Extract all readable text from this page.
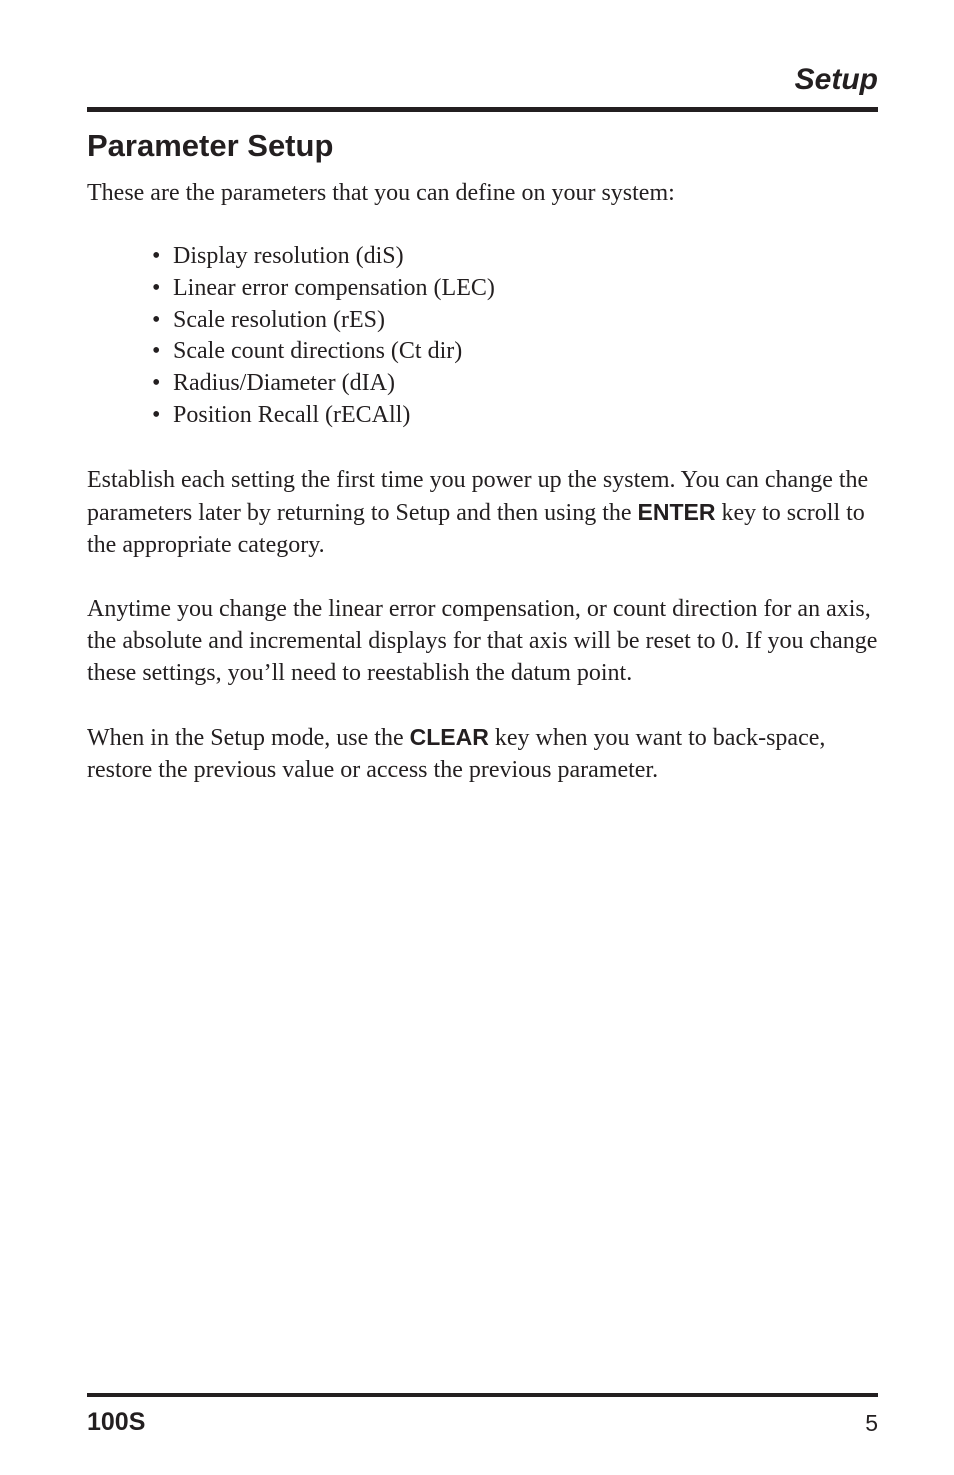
Setup
Parameter Setup

These are the parameters that you can define on your system:

• Display resolution (diS)
• Linear error compensation (LEC)
• Scale resolution (rES)
• Scale count directions (Ct dir)
• Radius/Diameter (dIA)
• Position Recall (rECAll)

Establish each setting the first time you power up the system. You can change the parameters later by returning to Setup and then using the ENTER key to scroll to the appropriate category.

Anytime you change the linear error compensation, or count direction for an axis, the absolute and incremental displays for that axis will be reset to 0. If you change these settings, you’ll need to reestablish the datum point.

When in the Setup mode, use the CLEAR key when you want to back-space, restore the previous value or access the previous parameter.

100S	5
